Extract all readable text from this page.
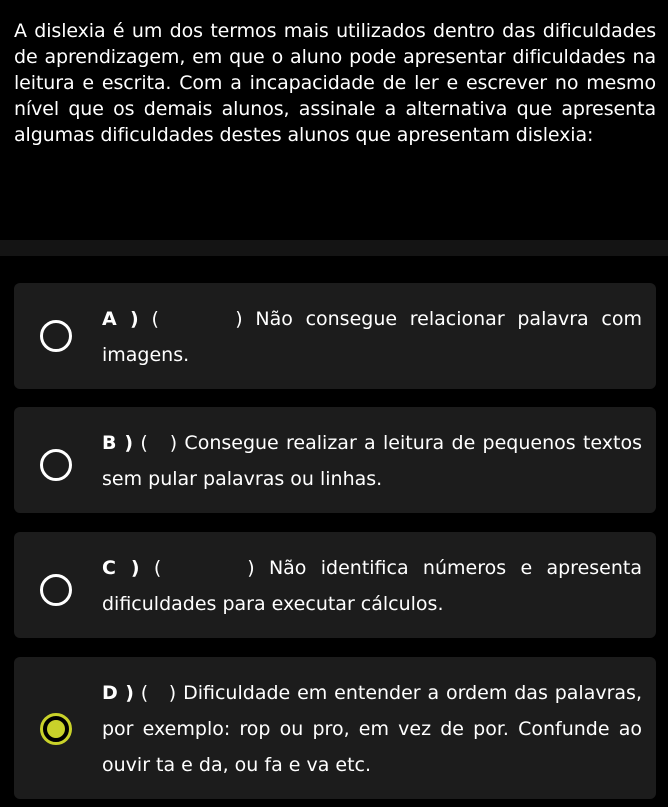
A dislexia é um dos termos mais utilizados dentro das dificuldades de aprendizagem, em que o aluno pode apresentar dificuldades na leitura e escrita. Com a incapacidade de ler e escrever no mesmo nível que os demais alunos, assinale a alternativa que apresenta algumas dificuldades destes alunos que apresentam dislexia:
A ) (      ) Não consegue relacionar palavra com imagens.
B ) (   ) Consegue realizar a leitura de pequenos textos sem pular palavras ou linhas.
C ) (      ) Não identifica números e apresenta dificuldades para executar cálculos.
D ) (   ) Dificuldade em entender a ordem das palavras, por exemplo: rop ou pro, em vez de por. Confunde ao ouvir ta e da, ou fa e va etc.
